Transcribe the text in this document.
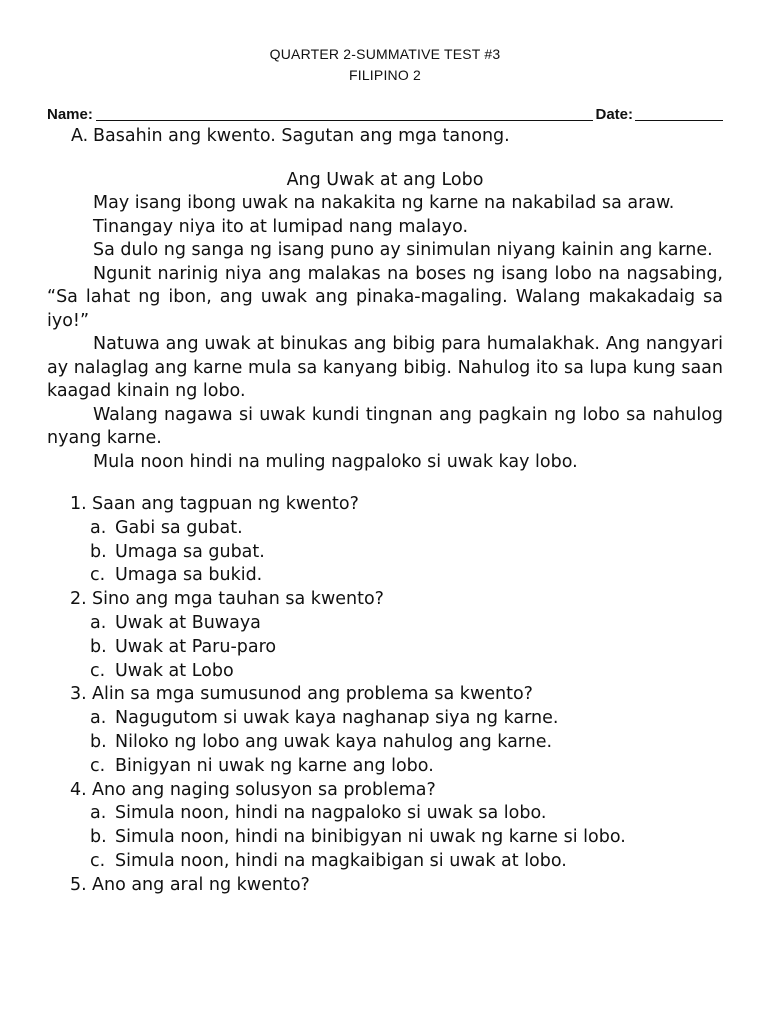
QUARTER 2-SUMMATIVE TEST #3
FILIPINO 2
Name:	Date:
A. Basahin ang kwento. Sagutan ang mga tanong.
Ang Uwak at ang Lobo

May isang ibong uwak na nakakita ng karne na nakabilad sa araw.

Tinangay niya ito at lumipad nang malayo.

Sa dulo ng sanga ng isang puno ay sinimulan niyang kainin ang karne.

Ngunit narinig niya ang malakas na boses ng isang lobo na nagsabing, “Sa lahat ng ibon, ang uwak ang pinaka-magaling. Walang makakadaig sa iyo!”

Natuwa ang uwak at binukas ang bibig para humalakhak. Ang nangyari ay nalaglag ang karne mula sa kanyang bibig. Nahulog ito sa lupa kung saan kaagad kinain ng lobo.

Walang nagawa si uwak kundi tingnan ang pagkain ng lobo sa nahulog nyang karne.

Mula noon hindi na muling nagpaloko si uwak kay lobo.

1. Saan ang tagpuan ng kwento?
a. Gabi sa gubat.
b. Umaga sa gubat.
c. Umaga sa bukid.
2. Sino ang mga tauhan sa kwento?
a. Uwak at Buwaya
b. Uwak at Paru-paro
c. Uwak at Lobo
3. Alin sa mga sumusunod ang problema sa kwento?
a. Nagugutom si uwak kaya naghanap siya ng karne.
b. Niloko ng lobo ang uwak kaya nahulog ang karne.
c. Binigyan ni uwak ng karne ang lobo.
4. Ano ang naging solusyon sa problema?
a. Simula noon, hindi na nagpaloko si uwak sa lobo.
b. Simula noon, hindi na binibigyan ni uwak ng karne si lobo.
c. Simula noon, hindi na magkaibigan si uwak at lobo.
5. Ano ang aral ng kwento?
